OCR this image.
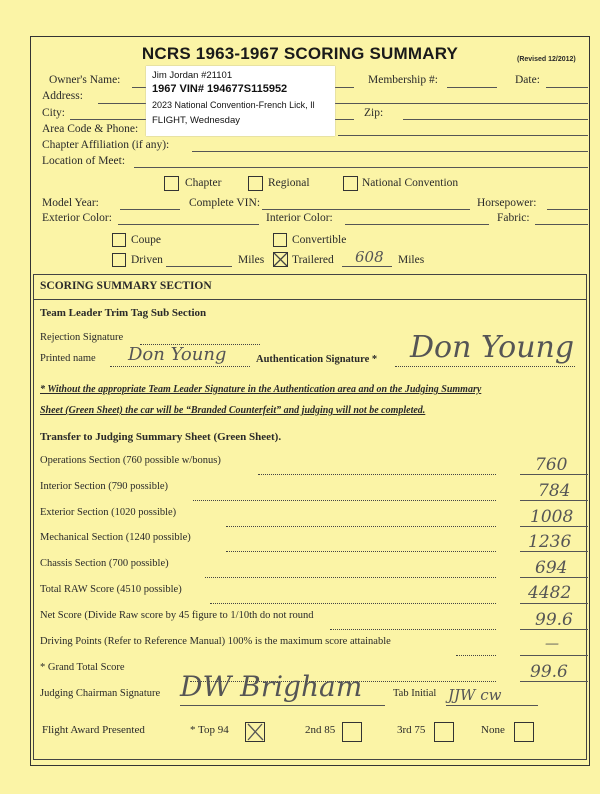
NCRS 1963-1967 SCORING SUMMARY	(Revised 12/2012)
Owner's Name:	Membership #:	Date:
Address:
City:	Zip:
Area Code & Phone:
Chapter Affiliation (if any):
Location of Meet:
Jim Jordan #21101
1967 VIN# 194677S115952
2023 National Convention-French Lick, Il
FLIGHT, Wednesday
Chapter	Regional	National Convention
Model Year:	Complete VIN:	Horsepower:
Exterior Color:	Interior Color:	Fabric:
Coupe	Convertible
Driven	Miles Trailered 608 Miles
SCORING SUMMARY SECTION
Team Leader Trim Tag Sub Section
Rejection Signature
Printed name Don Young	Authentication Signature * Don Young
* Without the appropriate Team Leader Signature in the Authentication area and on the Judging Summary
Sheet (Green Sheet) the car will be “Branded Counterfeit” and judging will not be completed.
Transfer to Judging Summary Sheet (Green Sheet).
Operations Section (760 possible w/bonus)	760
Interior Section (790 possible)	784
Exterior Section (1020 possible)	1008
Mechanical Section (1240 possible)	1236
Chassis Section (700 possible)	694
Total RAW Score (4510 possible)	4482
Net Score (Divide Raw score by 45 figure to 1/10th do not round	99.6
Driving Points (Refer to Reference Manual) 100% is the maximum score attainable	—
* Grand Total Score	99.6
Judging Chairman Signature DW Brigham	Tab Initial JJW cw
Flight Award Presented	* Top 94	2nd 85	3rd 75	None
